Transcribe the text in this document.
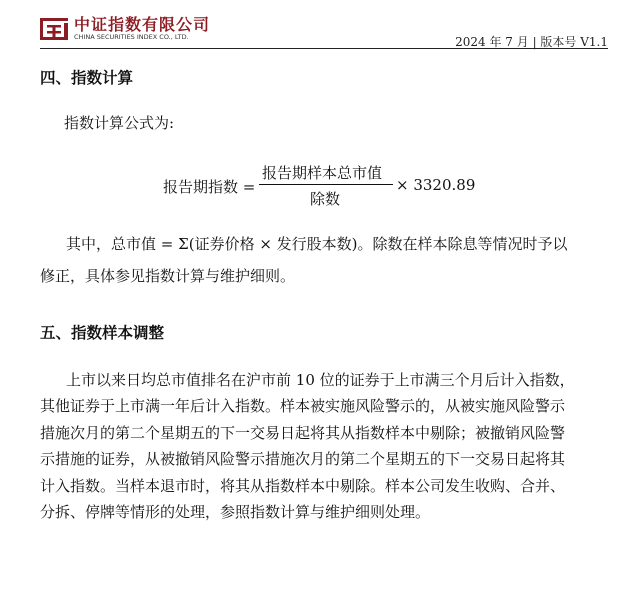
中证指数有限公司
CHINA SECURITIES INDEX CO., LTD.	2024 年 7 月 | 版本号 V1.1
四、指数计算
指数计算公式为:
报告期指数 =
报告期样本总市值
除数
× 3320.89
其中，总市值 = Σ(证券价格 × 发行股本数)。除数在样本除息等情况时予以
修正，具体参见指数计算与维护细则。
五、指数样本调整
上市以来日均总市值排名在沪市前 10 位的证券于上市满三个月后计入指数，
其他证券于上市满一年后计入指数。样本被实施风险警示的，从被实施风险警示
措施次月的第二个星期五的下一交易日起将其从指数样本中剔除；被撤销风险警
示措施的证券，从被撤销风险警示措施次月的第二个星期五的下一交易日起将其
计入指数。当样本退市时，将其从指数样本中剔除。样本公司发生收购、合并、
分拆、停牌等情形的处理，参照指数计算与维护细则处理。
